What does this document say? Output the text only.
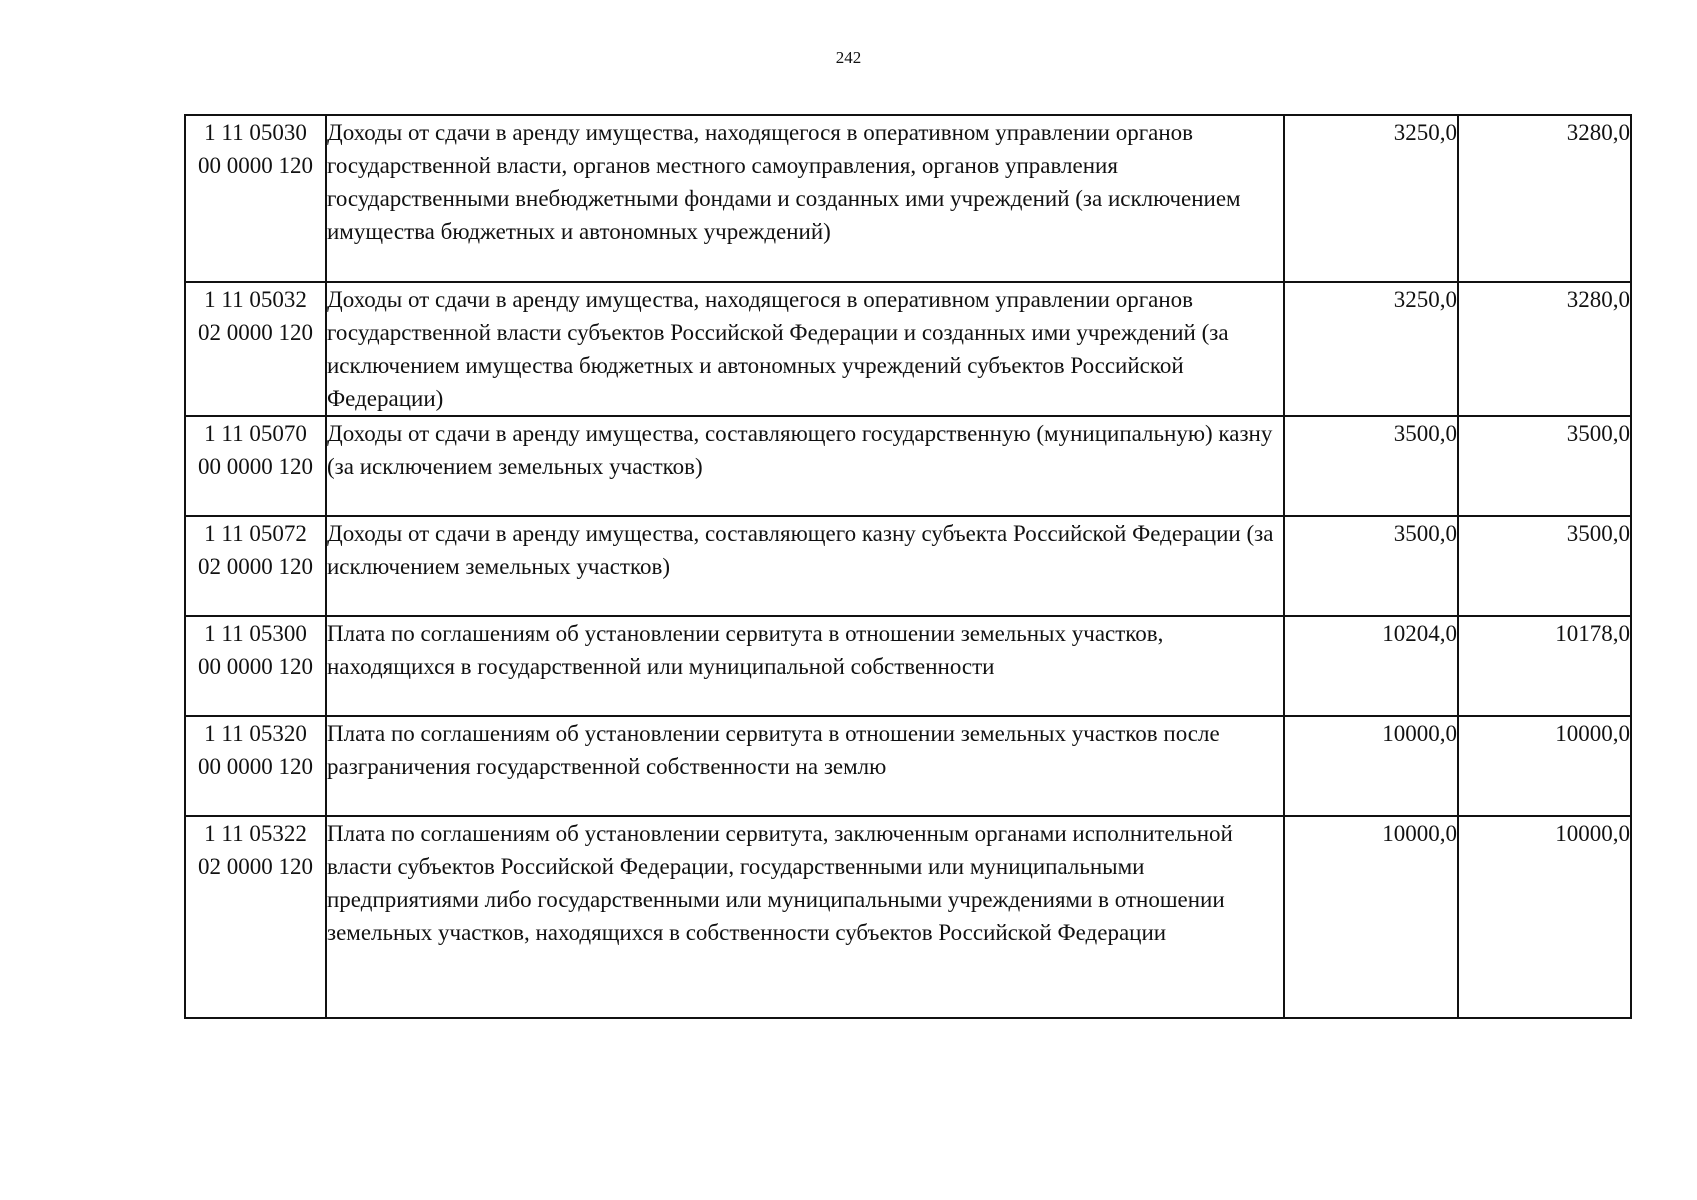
242
1 11 05030
00 0000 120	Доходы от сдачи в аренду имущества, находящегося в оперативном управлении органов государственной власти, органов местного самоуправления, органов управления государственными внебюджетными фондами и созданных ими учреждений (за исключением имущества бюджетных и автономных учреждений)	3250,0	3280,0

1 11 05032
02 0000 120	Доходы от сдачи в аренду имущества, находящегося в оперативном управлении органов государственной власти субъектов Российской Федерации и созданных ими учреждений (за исключением имущества бюджетных и автономных учреждений субъектов Российской Федерации)	3250,0	3280,0

1 11 05070
00 0000 120	Доходы от сдачи в аренду имущества, составляющего государственную (муниципальную) казну (за исключением земельных участков)	3500,0	3500,0

1 11 05072
02 0000 120	Доходы от сдачи в аренду имущества, составляющего казну субъекта Российской Федерации (за исключением земельных участков)	3500,0	3500,0

1 11 05300
00 0000 120	Плата по соглашениям об установлении сервитута в отношении земельных участков, находящихся в государственной или муниципальной собственности	10204,0	10178,0

1 11 05320
00 0000 120	Плата по соглашениям об установлении сервитута в отношении земельных участков после разграничения государственной собственности на землю	10000,0	10000,0

1 11 05322
02 0000 120	Плата по соглашениям об установлении сервитута, заключенным органами исполнительной власти субъектов Российской Федерации, государственными или муниципальными предприятиями либо государственными или муниципальными учреждениями в отношении земельных участков, находящихся в собственности субъектов Российской Федерации	10000,0	10000,0
